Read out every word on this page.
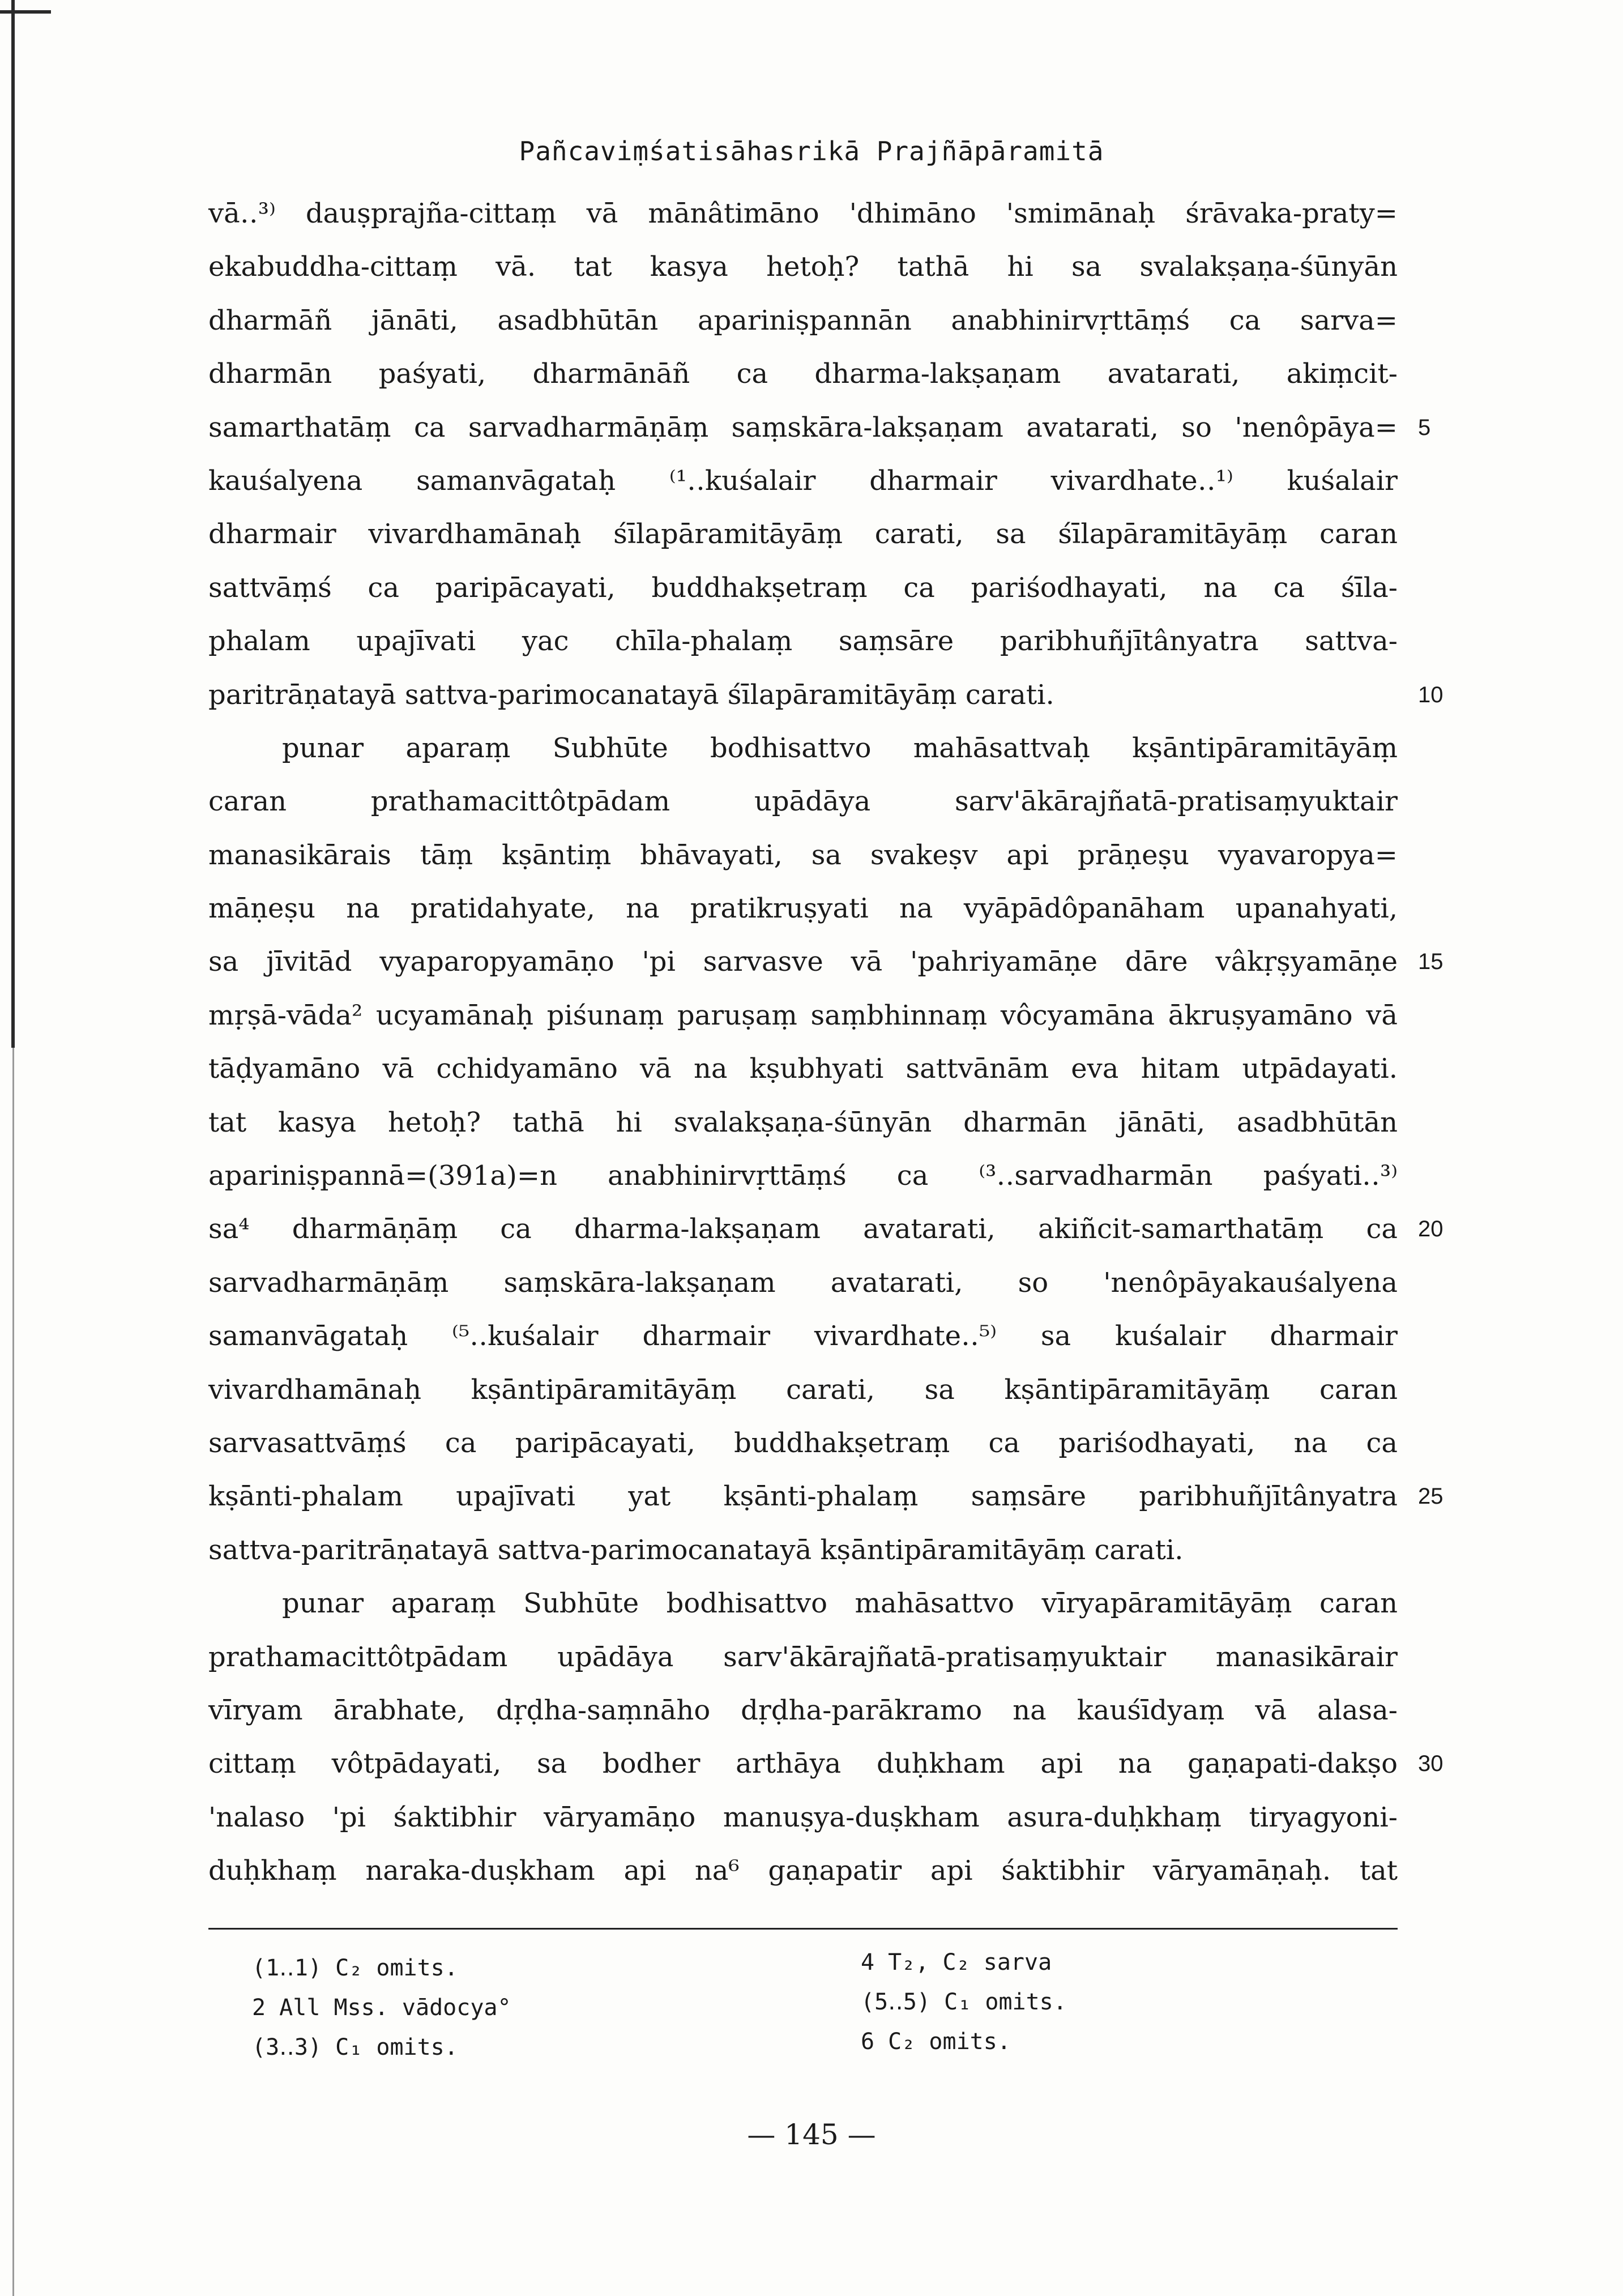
Pañcaviṃśatisāhasrikā Prajñāpāramitā
vā‥³⁾ dauṣprajña-cittaṃ vā mānâtimāno 'dhimāno 'smimānaḥ śrāvaka-praty=
ekabuddha-cittaṃ vā. tat kasya hetoḥ? tathā hi sa svalakṣaṇa-śūnyān
dharmāñ jānāti, asadbhūtān apariniṣpannān anabhinirvṛttāṃś ca sarva=
dharmān paśyati, dharmānāñ ca dharma-lakṣaṇam avatarati, akiṃcit-
samarthatāṃ ca sarvadharmāṇāṃ saṃskāra-lakṣaṇam avatarati, so 'nenôpāya= 5
kauśalyena samanvāgataḥ ⁽¹‥kuśalair dharmair vivardhate‥¹⁾ kuśalair
dharmair vivardhamānaḥ śīlapāramitāyāṃ carati, sa śīlapāramitāyāṃ caran
sattvāṃś ca paripācayati, buddhakṣetraṃ ca pariśodhayati, na ca śīla-
phalam upajīvati yac chīla-phalaṃ saṃsāre paribhuñjītânyatra sattva-
paritrāṇatayā sattva-parimocanatayā śīlapāramitāyāṃ carati.	10
punar aparaṃ Subhūte bodhisattvo mahāsattvaḥ kṣāntipāramitāyāṃ
caran prathamacittôtpādam upādāya sarv'ākārajñatā-pratisaṃyuktair
manasikārais tāṃ kṣāntiṃ bhāvayati, sa svakeṣv api prāṇeṣu vyavaropya=
māṇeṣu na pratidahyate, na pratikruṣyati na vyāpādôpanāham upanahyati,
sa jīvitād vyaparopyamāṇo 'pi sarvasve vā 'pahriyamāṇe dāre vâkṛṣyamāṇe 15
mṛṣā-vāda² ucyamānaḥ piśunaṃ paruṣaṃ saṃbhinnaṃ vôcyamāna ākruṣyamāno vā
tāḍyamāno vā cchidyamāno vā na kṣubhyati sattvānām eva hitam utpādayati.
tat kasya hetoḥ? tathā hi svalakṣaṇa-śūnyān dharmān jānāti, asadbhūtān
apariniṣpannā=(391a)=n anabhinirvṛttāṃś ca ⁽³‥sarvadharmān paśyati‥³⁾
sa⁴ dharmāṇāṃ ca dharma-lakṣaṇam avatarati, akiñcit-samarthatāṃ ca 20
sarvadharmāṇāṃ saṃskāra-lakṣaṇam avatarati, so 'nenôpāyakauśalyena
samanvāgataḥ ⁽⁵‥kuśalair dharmair vivardhate‥⁵⁾ sa kuśalair dharmair
vivardhamānaḥ kṣāntipāramitāyāṃ carati, sa kṣāntipāramitāyāṃ caran
sarvasattvāṃś ca paripācayati, buddhakṣetraṃ ca pariśodhayati, na ca
kṣānti-phalam upajīvati yat kṣānti-phalaṃ saṃsāre paribhuñjītânyatra 25
sattva-paritrāṇatayā sattva-parimocanatayā kṣāntipāramitāyāṃ carati.
punar aparaṃ Subhūte bodhisattvo mahāsattvo vīryapāramitāyāṃ caran
prathamacittôtpādam upādāya sarv'ākārajñatā-pratisaṃyuktair manasikārair
vīryam ārabhate, dṛḍha-saṃnāho dṛḍha-parākramo na kauśīdyaṃ vā alasa-
cittaṃ vôtpādayati, sa bodher arthāya duḥkham api na gaṇapati-dakṣo 30
'nalaso 'pi śaktibhir vāryamāṇo manuṣya-duṣkham asura-duḥkhaṃ tiryagyoni-
duḥkhaṃ naraka-duṣkham api na⁶ gaṇapatir api śaktibhir vāryamāṇaḥ. tat
(1‥1) C₂ omits.
2 All Mss. vādocya°
(3‥3) C₁ omits.
4 T₂, C₂ sarva
(5‥5) C₁ omits.
6 C₂ omits.
— 145 —
